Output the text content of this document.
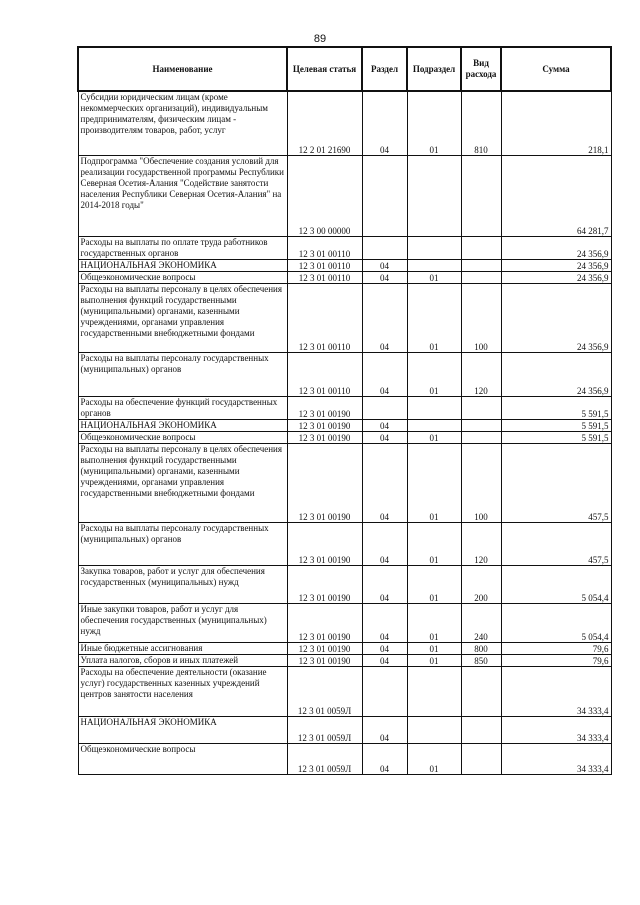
89
Наименование	Целевая статья	Раздел	Подраздел	Вид расхода	Сумма
Субсидии юридическим лицам (кроме некоммерческих организаций), индивидуальным предпринимателям, физическим лицам - производителям товаров, работ, услуг	12 2 01 21690	04	01	810	218,1
Подпрограмма "Обеспечение создания условий для реализации государственной программы Республики Северная Осетия-Алания "Содействие занятости населения Республики Северная Осетия-Алания" на 2014-2018 годы"	12 3 00 00000				64 281,7
Расходы на выплаты по оплате труда работников государственных органов	12 3 01 00110				24 356,9
НАЦИОНАЛЬНАЯ ЭКОНОМИКА	12 3 01 00110	04			24 356,9
Общеэкономические вопросы	12 3 01 00110	04	01		24 356,9
Расходы на выплаты персоналу в целях обеспечения выполнения функций государственными (муниципальными) органами, казенными учреждениями, органами управления государственными внебюджетными фондами	12 3 01 00110	04	01	100	24 356,9
Расходы на выплаты персоналу государственных (муниципальных) органов	12 3 01 00110	04	01	120	24 356,9
Расходы на обеспечение функций государственных органов	12 3 01 00190				5 591,5
НАЦИОНАЛЬНАЯ ЭКОНОМИКА	12 3 01 00190	04			5 591,5
Общеэкономические вопросы	12 3 01 00190	04	01		5 591,5
Расходы на выплаты персоналу в целях обеспечения выполнения функций государственными (муниципальными) органами, казенными учреждениями, органами управления государственными внебюджетными фондами	12 3 01 00190	04	01	100	457,5
Расходы на выплаты персоналу государственных (муниципальных) органов	12 3 01 00190	04	01	120	457,5
Закупка товаров, работ и услуг для обеспечения государственных (муниципальных) нужд	12 3 01 00190	04	01	200	5 054,4
Иные закупки товаров, работ и услуг для обеспечения государственных (муниципальных) нужд	12 3 01 00190	04	01	240	5 054,4
Иные бюджетные ассигнования	12 3 01 00190	04	01	800	79,6
Уплата налогов, сборов и иных платежей	12 3 01 00190	04	01	850	79,6
Расходы на обеспечение деятельности (оказание услуг) государственных казенных учреждений центров занятости населения	12 3 01 0059Л				34 333,4
НАЦИОНАЛЬНАЯ ЭКОНОМИКА	12 3 01 0059Л	04			34 333,4
Общеэкономические вопросы	12 3 01 0059Л	04	01		34 333,4
